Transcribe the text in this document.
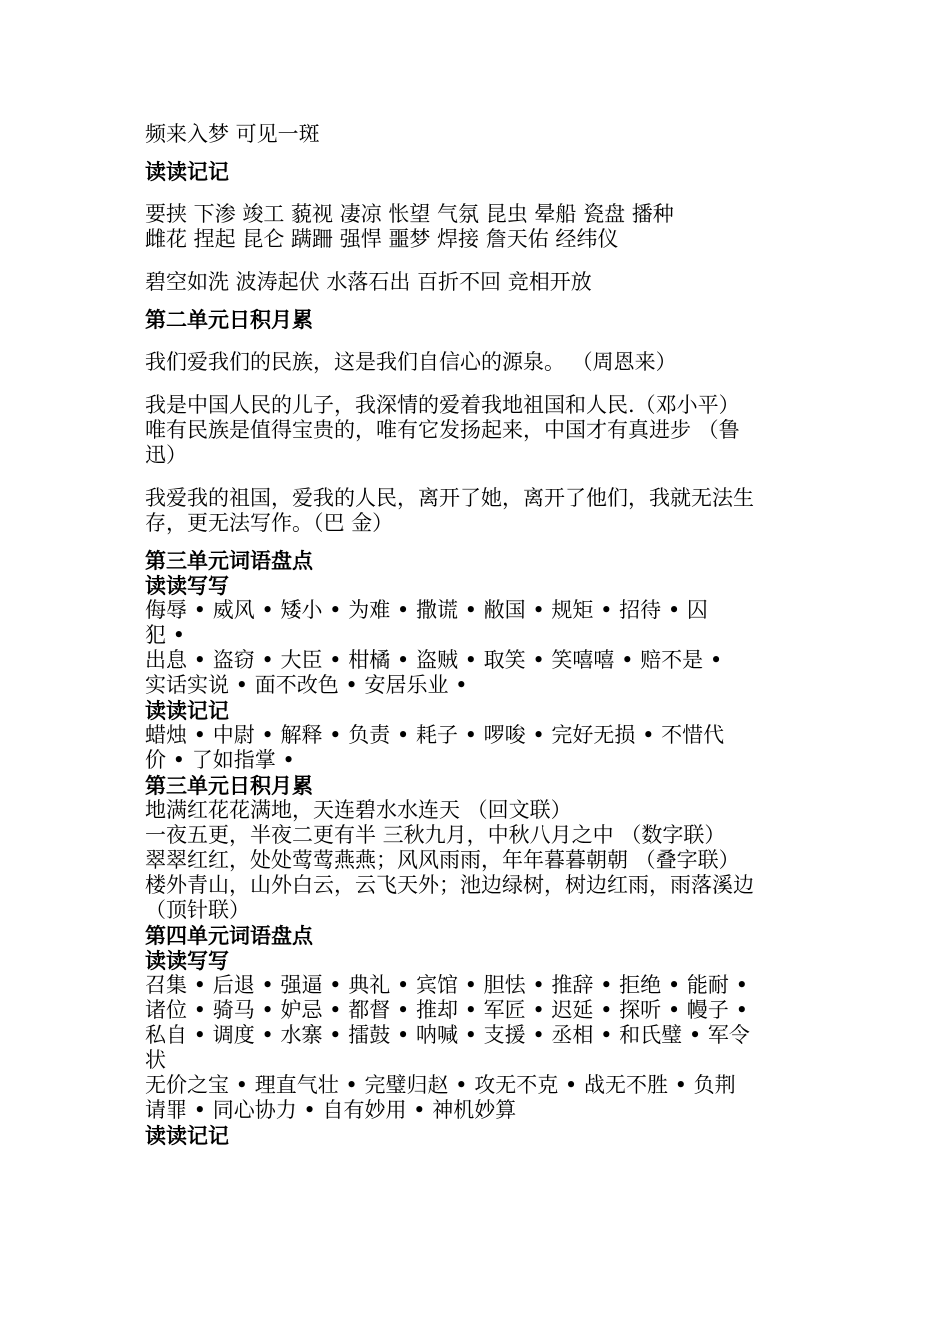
频来入梦 可见一斑
读读记记
要挟 下渗 竣工 藐视 凄凉 怅望 气氛 昆虫 晕船 瓷盘 播种
雌花 捏起 昆仑 蹒跚 强悍 噩梦 焊接 詹天佑 经纬仪
碧空如洗 波涛起伏 水落石出 百折不回 竞相开放
第二单元日积月累
我们爱我们的民族，这是我们自信心的源泉。 （周恩来）
我是中国人民的儿子，我深情的爱着我地祖国和人民.（邓小平）
唯有民族是值得宝贵的，唯有它发扬起来，中国才有真进步 （鲁
迅）
我爱我的祖国，爱我的人民，离开了她，离开了他们，我就无法生
存，更无法写作。（巴 金）
第三单元词语盘点
读读写写
侮辱 • 威风 • 矮小 • 为难 • 撒谎 • 敝国 • 规矩 • 招待 • 囚
犯 •
出息 • 盗窃 • 大臣 • 柑橘 • 盗贼 • 取笑 • 笑嘻嘻 • 赔不是 •
实话实说 • 面不改色 • 安居乐业 •
读读记记
蜡烛 • 中尉 • 解释 • 负责 • 耗子 • 啰唆 • 完好无损 • 不惜代
价 • 了如指掌 •
第三单元日积月累
地满红花花满地，天连碧水水连天 （回文联）
一夜五更，半夜二更有半 三秋九月，中秋八月之中 （数字联）
翠翠红红，处处莺莺燕燕；风风雨雨，年年暮暮朝朝 （叠字联）
楼外青山，山外白云，云飞天外；池边绿树，树边红雨，雨落溪边
（顶针联）
第四单元词语盘点
读读写写
召集 • 后退 • 强逼 • 典礼 • 宾馆 • 胆怯 • 推辞 • 拒绝 • 能耐 •
诸位 • 骑马 • 妒忌 • 都督 • 推却 • 军匠 • 迟延 • 探听 • 幔子 •
私自 • 调度 • 水寨 • 擂鼓 • 呐喊 • 支援 • 丞相 • 和氏璧 • 军令
状
无价之宝 • 理直气壮 • 完璧归赵 • 攻无不克 • 战无不胜 • 负荆
请罪 • 同心协力 • 自有妙用 • 神机妙算
读读记记
